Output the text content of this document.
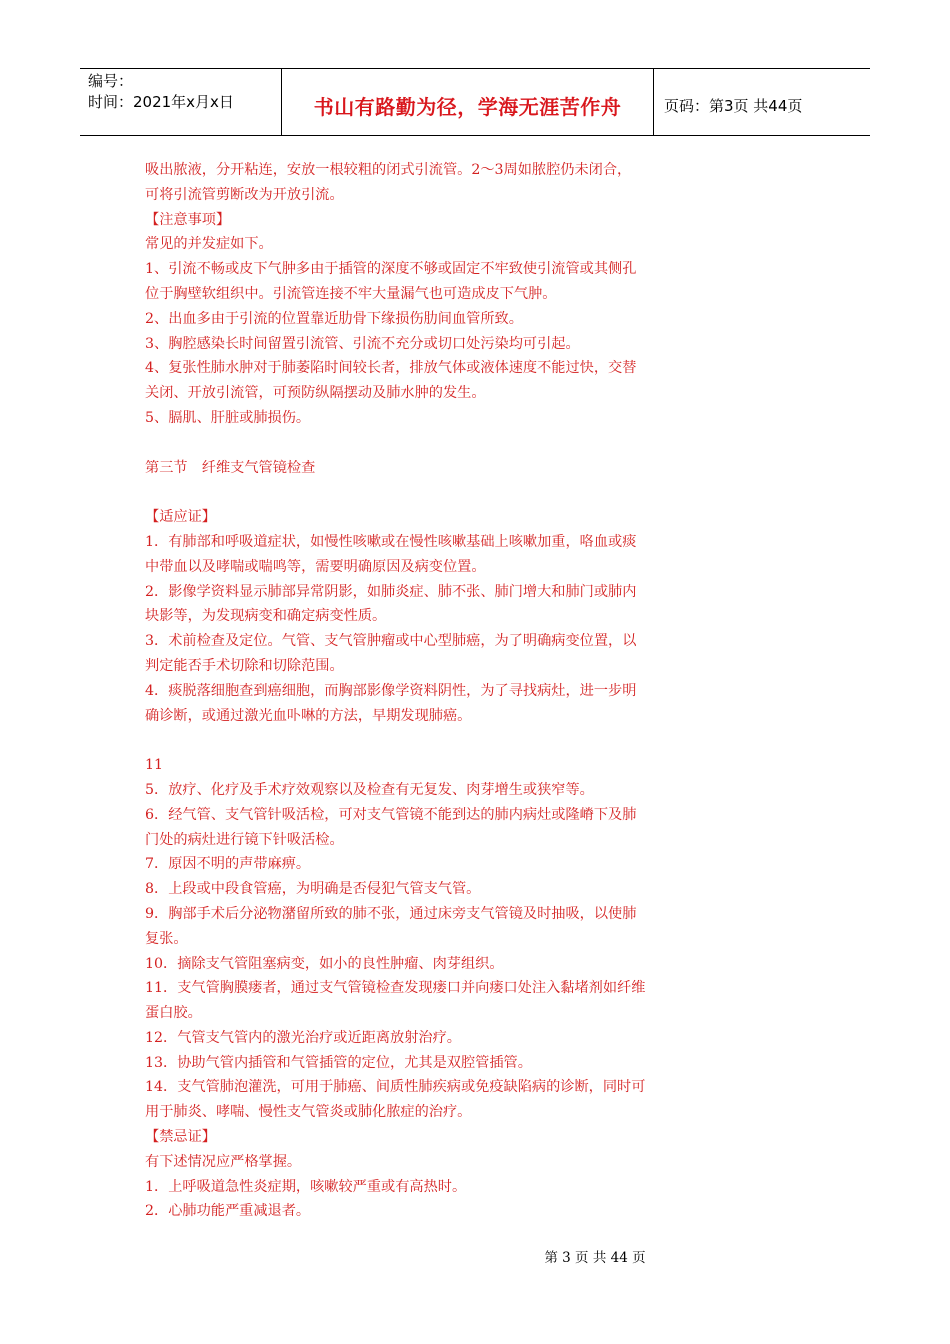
编号：
时间：2021年x月x日	书山有路勤为径，学海无涯苦作舟	页码：第3页 共44页

吸出脓液，分开粘连，安放一根较粗的闭式引流管。2～3周如脓腔仍未闭合，

可将引流管剪断改为开放引流。

【注意事项】

常见的并发症如下。

1、引流不畅或皮下气肿多由于插管的深度不够或固定不牢致使引流管或其侧孔

位于胸壁软组织中。引流管连接不牢大量漏气也可造成皮下气肿。

2、出血多由于引流的位置靠近肋骨下缘损伤肋间血管所致。

3、胸腔感染长时间留置引流管、引流不充分或切口处污染均可引起。

4、复张性肺水肿对于肺萎陷时间较长者，排放气体或液体速度不能过快，交替

关闭、开放引流管，可预防纵隔摆动及肺水肿的发生。

5、膈肌、肝脏或肺损伤。

第三节　纤维支气管镜检查

【适应证】

1．有肺部和呼吸道症状，如慢性咳嗽或在慢性咳嗽基础上咳嗽加重，咯血或痰

中带血以及哮喘或喘鸣等，需要明确原因及病变位置。

2．影像学资料显示肺部异常阴影，如肺炎症、肺不张、肺门增大和肺门或肺内

块影等，为发现病变和确定病变性质。

3．术前检查及定位。气管、支气管肿瘤或中心型肺癌，为了明确病变位置，以

判定能否手术切除和切除范围。

4．痰脱落细胞查到癌细胞，而胸部影像学资料阴性，为了寻找病灶，进一步明

确诊断，或通过激光血卟啉的方法，早期发现肺癌。

11

5．放疗、化疗及手术疗效观察以及检查有无复发、肉芽增生或狭窄等。

6．经气管、支气管针吸活检，可对支气管镜不能到达的肺内病灶或隆嵴下及肺

门处的病灶进行镜下针吸活检。

7．原因不明的声带麻痹。

8．上段或中段食管癌，为明确是否侵犯气管支气管。

9．胸部手术后分泌物潴留所致的肺不张，通过床旁支气管镜及时抽吸，以使肺

复张。

10．摘除支气管阻塞病变，如小的良性肿瘤、肉芽组织。

11．支气管胸膜瘘者，通过支气管镜检查发现瘘口并向瘘口处注入黏堵剂如纤维

蛋白胶。

12．气管支气管内的激光治疗或近距离放射治疗。

13．协助气管内插管和气管插管的定位，尤其是双腔管插管。

14．支气管肺泡灌洗，可用于肺癌、间质性肺疾病或免疫缺陷病的诊断，同时可

用于肺炎、哮喘、慢性支气管炎或肺化脓症的治疗。

【禁忌证】

有下述情况应严格掌握。

1．上呼吸道急性炎症期，咳嗽较严重或有高热时。

2．心肺功能严重减退者。

第 3 页 共 44 页
